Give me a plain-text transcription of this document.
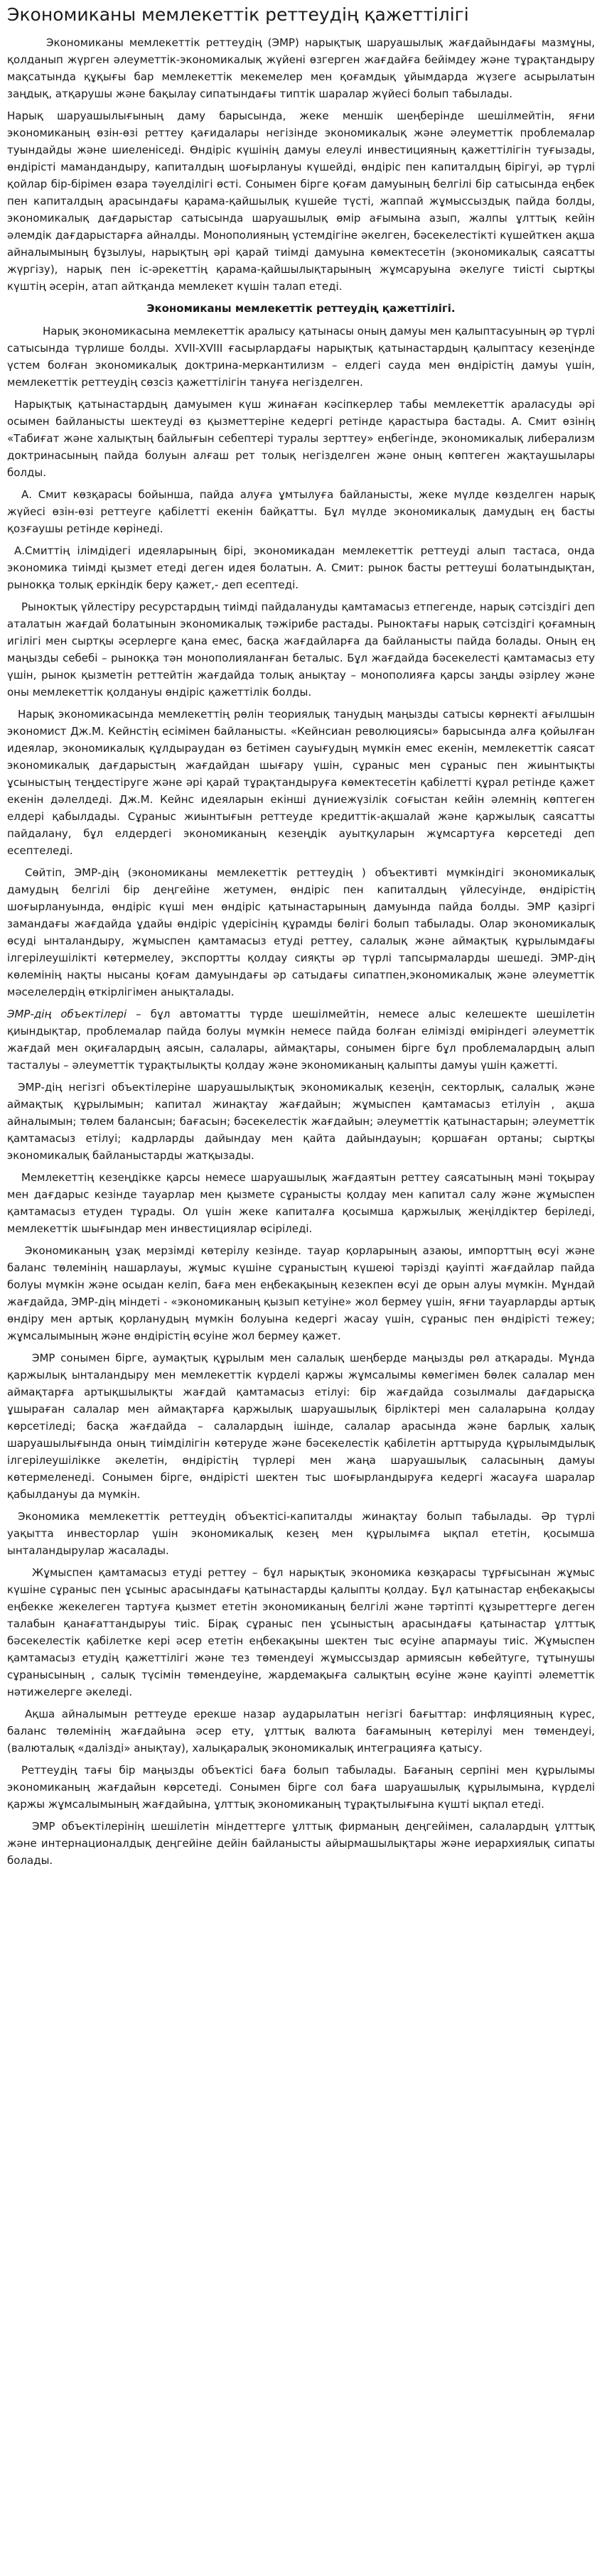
Экономиканы мемлекеттік реттеудің қажеттілігі

Экономиканы мемлекеттік реттеудің (ЭМР) нарықтық шаруашылық жағдайындағы мазмұны, қолданып жүрген әлеуметтік-экономикалық жүйені өзгерген жағдайға бейімдеу және тұрақтандыру мақсатында құқығы бар мемлекеттік мекемелер мен қоғамдық ұйымдарда жүзеге асырылатын заңдық, атқарушы және бақылау сипатындағы типтік шаралар жүйесі болып табылады.

Нарық шаруашылығының даму барысында, жеке меншік шеңберінде шешілмейтін, яғни экономиканың өзін-өзі реттеу қағидалары негізінде экономикалық және әлеуметтік проблемалар туындайды және шиеленіседі. Өндіріс күшінің дамуы елеулі инвестицияның қажеттілігін туғызады, өндірісті мамандандыру, капиталдың шоғырлануы күшейді, өндіріс пен капиталдың бірігуі, әр түрлі қойлар бір-бірімен өзара тәуелділігі өсті. Сонымен бірге қоғам дамуының белгілі бір сатысында еңбек пен капиталдың арасындағы қарама-қайшылық күшейе түсті, жаппай жұмыссыздық пайда болды, экономикалық дағдарыстар сатысында шаруашылық өмір ағымына азып, жалпы ұлттық кейін әлемдік дағдарыстарға айналды. Монополияның үстемдігіне әкелген, бәсекелестікті күшейткен ақша айналымының бұзылуы, нарықтың әрі қарай тиімді дамуына көмектесетін (экономикалық саясатты жүргізу), нарық пен іс-әрекеттің қарама-қайшылықтарының жұмсаруына әкелуге тиісті сыртқы күштің әсерін, атап айтқанда мемлекет күшін талап етеді.

Экономиканы мемлекеттік реттеудің қажеттілігі.

Нарық экономикасына мемлекеттік аралысу қатынасы оның дамуы мен қалыптасуының әр түрлі сатысында түрлише болды. XVII-XVIII ғасырлардағы нарықтық қатынастардың қалыптасу кезеңінде үстем болған экономикалық доктрина-меркантилизм – елдегі саудa мен өндірістің дамуы үшін, мемлекеттік реттеудің сөзсіз қажеттілігін тануға негізделген.

Нарықтық қатынастардың дамуымен күш жинаған кәсіпкерлер табы мемлекеттік араласуды әрі осымен байланысты шектеуді өз қызметтеріне кедергі ретінде қарастыра бастады. А. Смит өзінің «Табиғат және халықтың байлығын себептері туралы зерттеу» еңбегінде, экономикалық либерализм доктринасының пайда болуын алғаш рет толық негізделген және оның көптеген жақтаушылары болды.

А. Смит көзқарасы бойынша, пайда алуға ұмтылуға байланысты, жеке мүлде көзделген нарық жүйесі өзін-өзі реттеуге қабілетті екенін байқатты. Бұл мүлде экономикалық дамудың ең басты қозғаушы ретінде көрінеді.

А.Смиттің ілімдідегі идеяларының бірі, экономикадан мемлекеттік реттеуді алып тастаса, онда экономика тиімді қызмет етеді деген идея болатын. А. Смит: рынок басты реттеуші болатындықтан, рынокқа толық еркіндік беру қажет,- деп есептеді.

Рыноктық үйлестіру ресурстардың тиімді пайдалануды қамтамасыз етпегенде, нарық сәтсіздігі деп аталатын жағдай болатынын экономикалық тәжірибе растады. Рыноктағы нарық сәтсіздігі қоғамның игілігі мен сыртқы әсерлерге қана емес, басқа жағдайларға да байланысты пайда болады. Оның ең маңызды себебі – рынокқа тән монополияланған беталыс. Бұл жағдайда бәсекелесті қамтамасыз ету үшін, рынок қызметін реттейтін жағдайда толық анықтау – монополияға қарсы заңды әзірлеу жәнe оны мемлекеттік қолдануы өндіріс қажеттілік болды.

Нарық экономикасында мемлекеттің рөлін теориялық танудың маңызды сатысы көрнекті ағылшын экономист Дж.М. Кейнстің есімімен байланысты. «Кейнсиан революциясы» барысында алға қойылған идеялар, экономикалық құлдыраудан өз бетімен сауығудың мүмкін емес екенін, мемлекеттік саясат экономикалық дағдарыстың жағдайдан шығару үшін, сұраныс мен сұраныс пен жиынтықты ұсыныстың теңдестіруге және әрі қарай тұрақтандыруға көмектесетін қабілетті құрал ретінде қажет екенін дәлелдеді. Дж.М. Кейнс идеяларын екінші дүниежүзілік соғыстан кейін әлемнің көптеген елдері қабылдады. Сұраныс жиынтығын реттеуде кредиттік-ақшалай және қаржылық саясатты пайдалану, бұл елдердегі экономиканың кезеңдік ауытқуларын жұмсартуға көрсетеді деп есептеледі.

Сөйтіп, ЭМР-дің (экономиканы мемлекеттік реттеудің ) объективті мүмкіндігі экономикалық дамудың белгілі бір деңгейіне жетумен, өндіріс пен капиталдың үйлесуінде, өндірістің шоғырлануында, өндіріс күші мен өндіріс қатынастарының дамуында пайда болды. ЭМР қазіргі замандағы жағдайда ұдайы өндіріс үдерісінің құрамды бөлігі болып табылады. Олар экономикалық өсуді ынталандыру, жұмыспен қамтамасыз етуді реттеу, салалық және аймақтық құрылымдағы ілгерілеушілікті көтермелеу, экспортты қолдау сияқты әр түрлі тапсырмаларды шешеді. ЭМР-дің көлемінің нақты нысаны қоғам дамуындағы әр сатыдағы сипатпен,экономикалық және әлеуметтік мәселелердің өткірлігімен анықталады.

ЭМР-дің объектілері – бұл автоматты түрде шешілмейтін, немесе алыс келешекте шешілетін қиындықтар, проблемалар пайда болуы мүмкін немесе пайда болған елімізді өміріндегі әлеуметтік жағдай мен оқиғалардың аясын, салалары, аймақтары, сонымен бірге бұл проблемалардың алып тасталуы – әлеуметтік тұрақтылықты қолдау және экономиканың қалыпты дамуы үшін қажетті.

ЭМР-дің негізгі объектілеріне шаруашылықтық экономикалық кезеңін, секторлық, салалық және аймақтық құрылымын; капитал жинақтау жағдайын; жұмыспен қамтамасыз етілуін , ақша айналымын; төлем балансын; бағасын; бәсекелестік жағдайын; әлеуметтік қатынастарын; әлеуметтік қамтамасыз етілуі; кадрларды дайындау мен қайта дайындауын; қоршаған ортаны; сыртқы экономикалық байланыстарды жатқызады.

Мемлекеттің кезеңдікке қарсы немесе шаруашылық жағдаятын реттеу саясатының мәні тоқырау мен дағдарыс кезінде тауарлар мен қызмете сұранысты қолдау мен капитал салу және жұмыспен қамтамасыз етуден тұрады. Ол үшін жеке капиталға қосымша қаржылық жеңілдіктер беріледі, мемлекеттік шығындар мен инвестициялар өсіріледі.

Экономиканың ұзақ мерзімді көтерілу кезінде. тауар қорларының азаюы, импорттың өсуі және баланс төлемінің нашарлауы, жұмыс күшіне сұраныстың күшеюі тәрізді қауіпті жағдайлар пайда болуы мүмкін және осыдан келіп, баға мен еңбекақының кезекпен өсуі де орын алуы мүмкін. Мұндай жағдайда, ЭМР-дің міндеті - «экономиканың қызып кетуіне» жол бермеу үшін, яғни тауарларды артық өндіру мен артық қорланудың мүмкін болуына кедергі жасау үшін, сұраныс пен өндірісті тежеу; жұмсалымының және өндірістің өсуіне жол бермеу қажет.

ЭМР сонымен бірге, аумақтық құрылым мен салалық шеңберде маңызды рөл атқарады. Мұнда қаржылық ынталандыру мен мемлекеттік күрделі қаржы жұмсалымы көмегімен бөлек салалар мен аймақтарға артықшылықты жағдай қамтамасыз етілуі: бір жағдайда созылмалы дағдарысқа ұшыраған салалар мен аймақтарға қаржылық шаруашылық бірліктері мен салаларына қолдау көрсетіледі; басқа жағдайда – салалардың ішінде, салалар арасында және барлық халық шаруашылығында оның тиімділігін көтеруде және бәсекелестік қабілетін арттыруда құрылымдылық ілгерілеушілікке әкелетін, өндірістің түрлері мен жаңа шаруашылық саласының дамуы көтермеленеді. Сонымен бірге, өндірісті шектен тыс шоғырландыруға кедергі жасауға шаралар қабылдануы да мүмкін.

Экономика мемлекеттік реттеудің объектісі-капиталды жинақтау болып табылады. Әр түрлі уақытта инвесторлар үшін экономикалық кезең мен құрылымға ықпал ететін, қосымша ынталандырулар жасалады.

Жұмыспен қамтамасыз етуді реттеу – бұл нарықтық экономика көзқарасы тұрғысынан жұмыс күшіне сұраныс пен ұсыныс арасындағы қатынастарды қалыпты қолдау. Бұл қатынастар еңбекақысы еңбекке жекелеген тартуға қызмет ететін экономиканың белгілі және тәртіпті құзыреттерге деген талабын қанағаттандыруы тиіс. Бірақ сұраныс пен ұсыныстың арасындағы қатынастар ұлттық бәсекелестік қабілетке кері әсер ететін еңбекақыны шектен тыс өсуіне апармауы тиіс. Жұмыспен қамтамасыз етудің қажеттілігі және тез төмендеуі жұмыссыздар армиясын көбейтуге, тұтынушы сұранысының , салық түсімін төмендеуіне, жардемақыға салықтың өсуіне және қауіпті әлеметтік нәтижелерге әкеледі.

Ақша айналымын реттеуде ерекше назар аударылатын негізгі бағыттар: инфляцияның күрес, баланс төлемінің жағдайына әсер ету, ұлттық валюта бағамының көтерілуі мен төмендеуі, (валюталық «далізді» анықтау), халықаралық экономикалық интеграцияға қатысу.

Реттеудің тағы бір маңызды объектісі баға болып табылады. Бағаның серпіні мен құрылымы экономиканың жағдайын көрсетеді. Сонымен бірге сол баға шаруашылық құрылымына, күрделі қаржы жұмсалымының жағдайына, ұлттық экономиканың тұрақтылығына күшті ықпал етеді.

ЭМР объектілерінің шешілетін міндеттерге ұлттық фирманың деңгейімен, салалардың ұлттық және интернационалдық деңгейіне дейін байланысты айырмашылықтары және иерархиялық сипаты болады.
